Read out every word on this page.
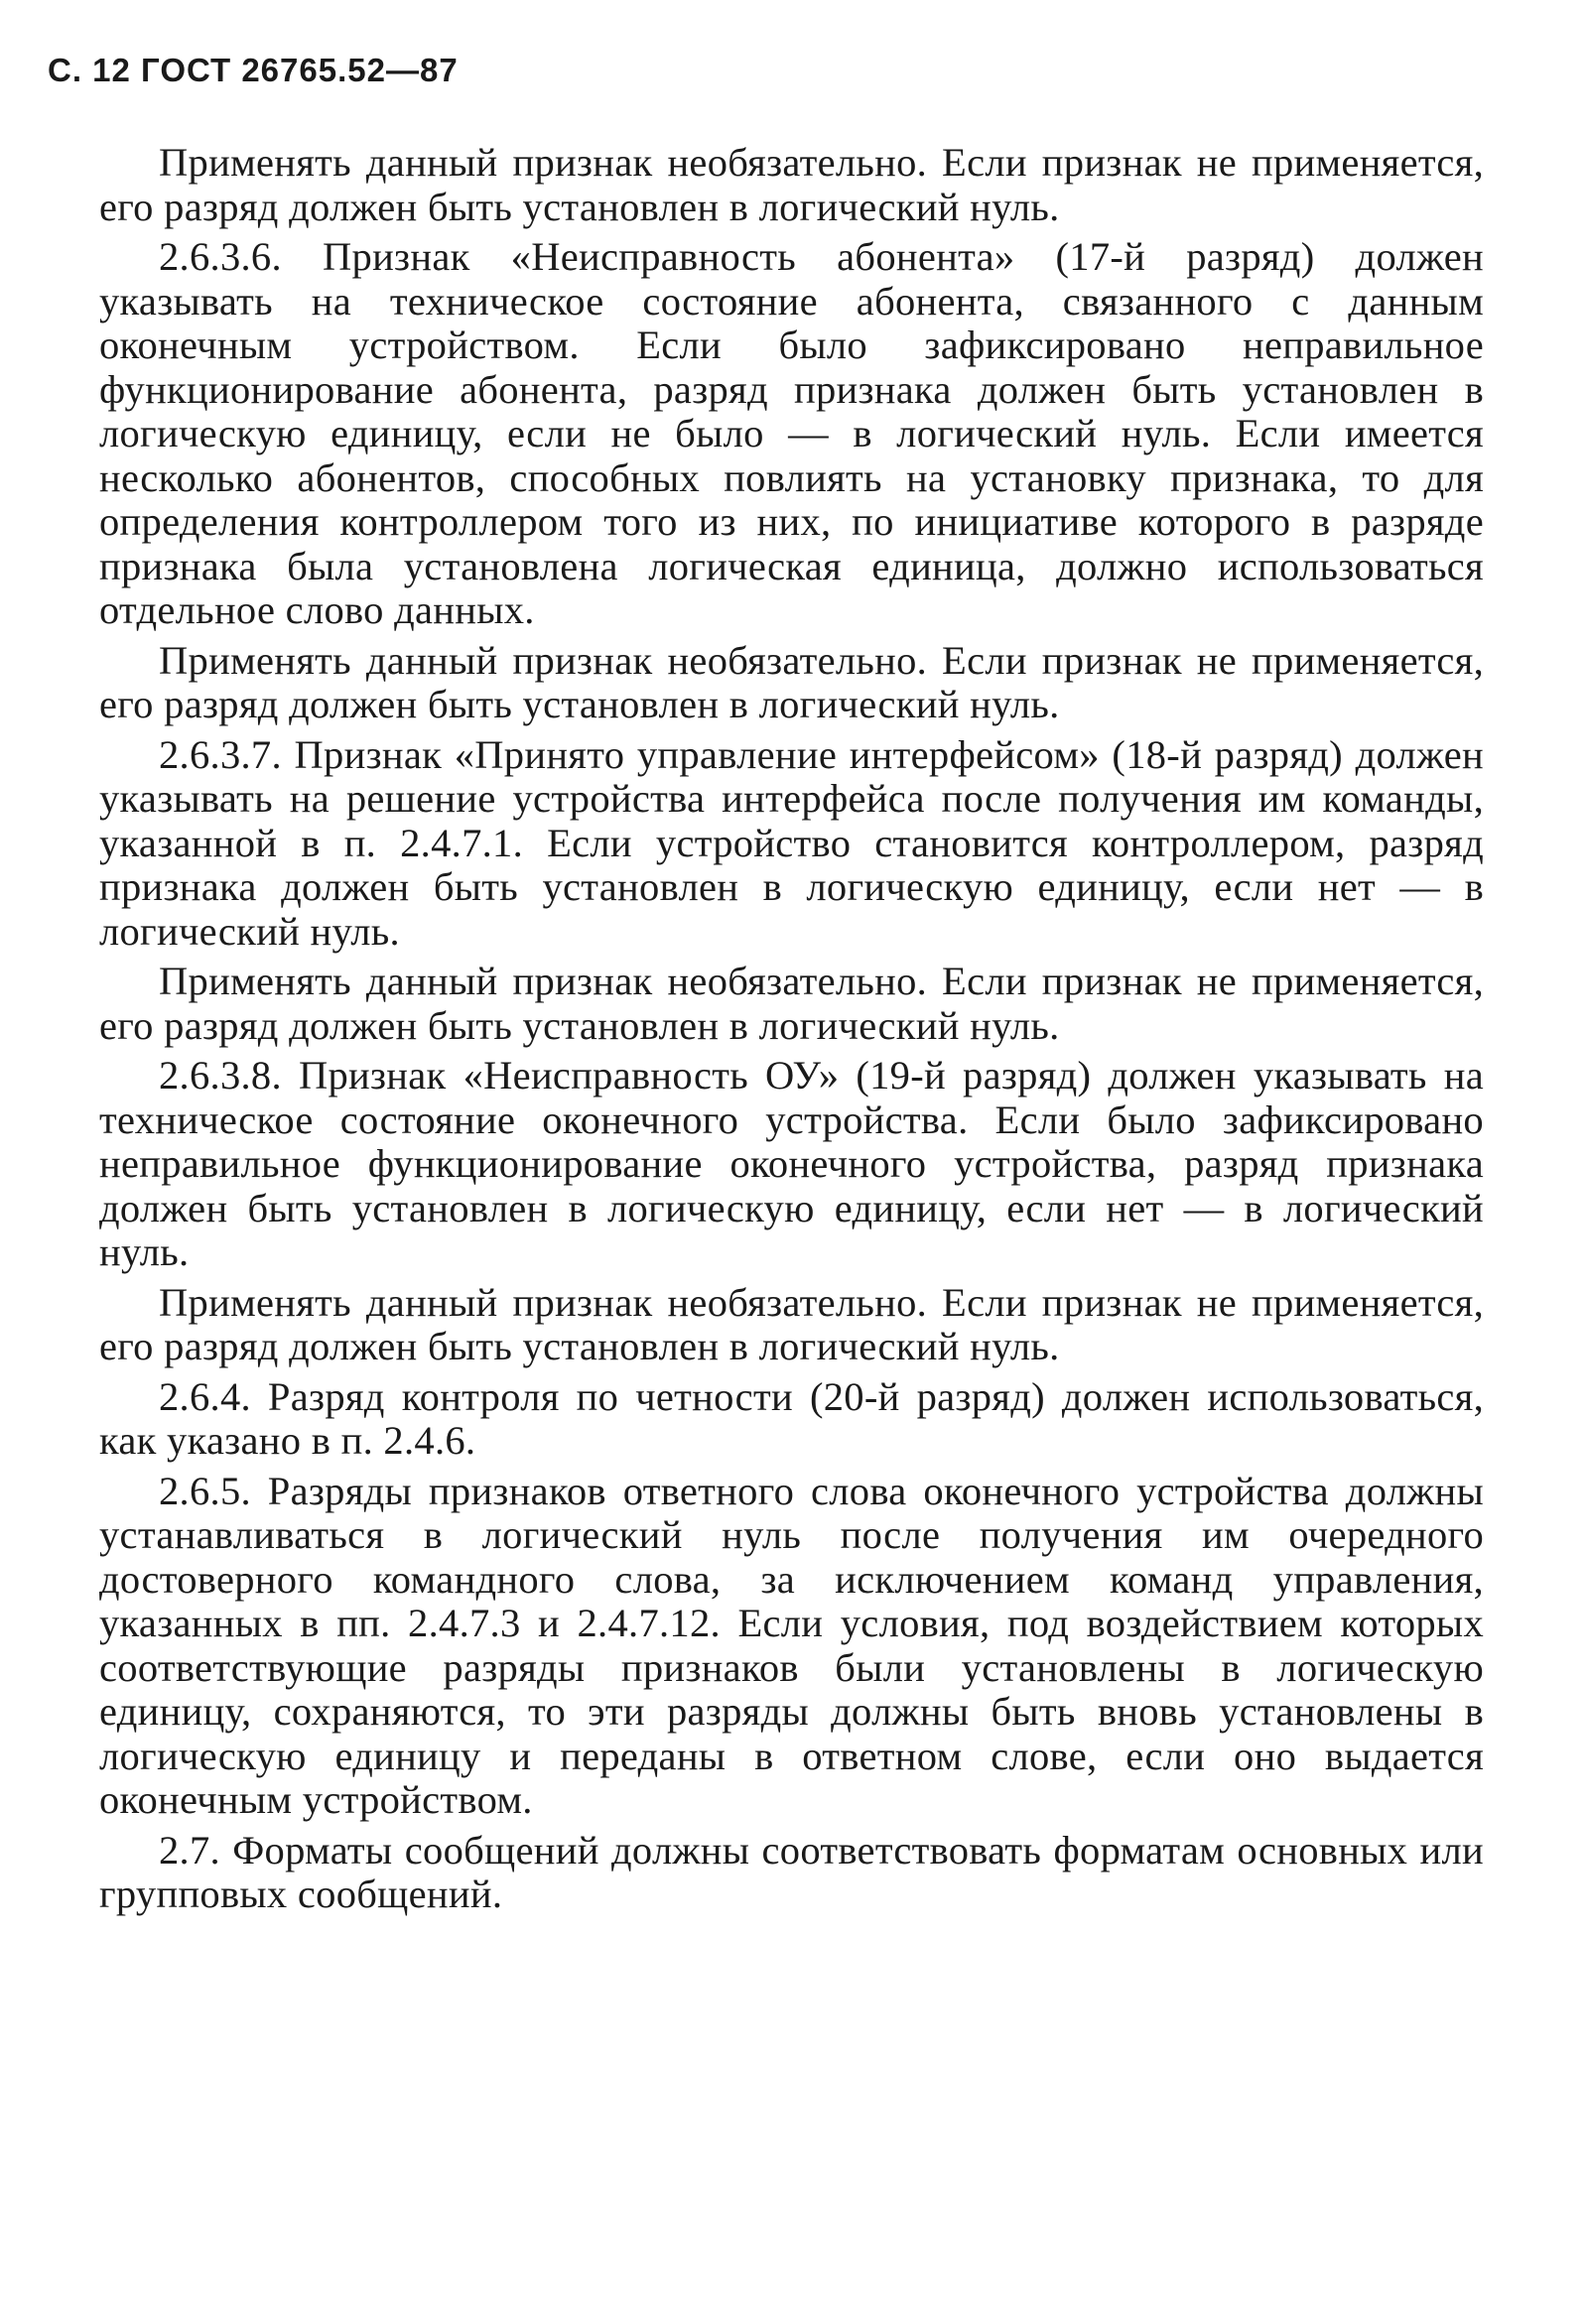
С. 12 ГОСТ 26765.52—87

Применять данный признак необязательно. Если признак не применяется, его разряд должен быть установлен в логический нуль.

2.6.3.6. Признак «Неисправность абонента» (17-й разряд) должен указывать на техническое состояние абонента, связанного с данным оконечным устройством. Если было зафиксировано неправильное функционирование абонента, разряд признака должен быть установлен в логическую единицу, если не было — в логический нуль. Если имеется несколько абонентов, способных повлиять на установку признака, то для определения контроллером того из них, по инициативе которого в разряде признака была установлена логическая единица, должно использоваться отдельное слово данных.

Применять данный признак необязательно. Если признак не применяется, его разряд должен быть установлен в логический нуль.

2.6.3.7. Признак «Принято управление интерфейсом» (18-й разряд) должен указывать на решение устройства интерфейса после получения им команды, указанной в п. 2.4.7.1. Если устройство становится контроллером, разряд признака должен быть установлен в логическую единицу, если нет — в логический нуль.

Применять данный признак необязательно. Если признак не применяется, его разряд должен быть установлен в логический нуль.

2.6.3.8. Признак «Неисправность ОУ» (19-й разряд) должен указывать на техническое состояние оконечного устройства. Если было зафиксировано неправильное функционирование оконечного устройства, разряд признака должен быть установлен в логическую единицу, если нет — в логический нуль.

Применять данный признак необязательно. Если признак не применяется, его разряд должен быть установлен в логический нуль.

2.6.4. Разряд контроля по четности (20-й разряд) должен использоваться, как указано в п. 2.4.6.

2.6.5. Разряды признаков ответного слова оконечного устройства должны устанавливаться в логический нуль после получения им очередного достоверного командного слова, за исключением команд управления, указанных в пп. 2.4.7.3 и 2.4.7.12. Если условия, под воздействием которых соответствующие разряды признаков были установлены в логическую единицу, сохраняются, то эти разряды должны быть вновь установлены в логическую единицу и переданы в ответном слове, если оно выдается оконечным устройством.

2.7. Форматы сообщений должны соответствовать форматам основных или групповых сообщений.
